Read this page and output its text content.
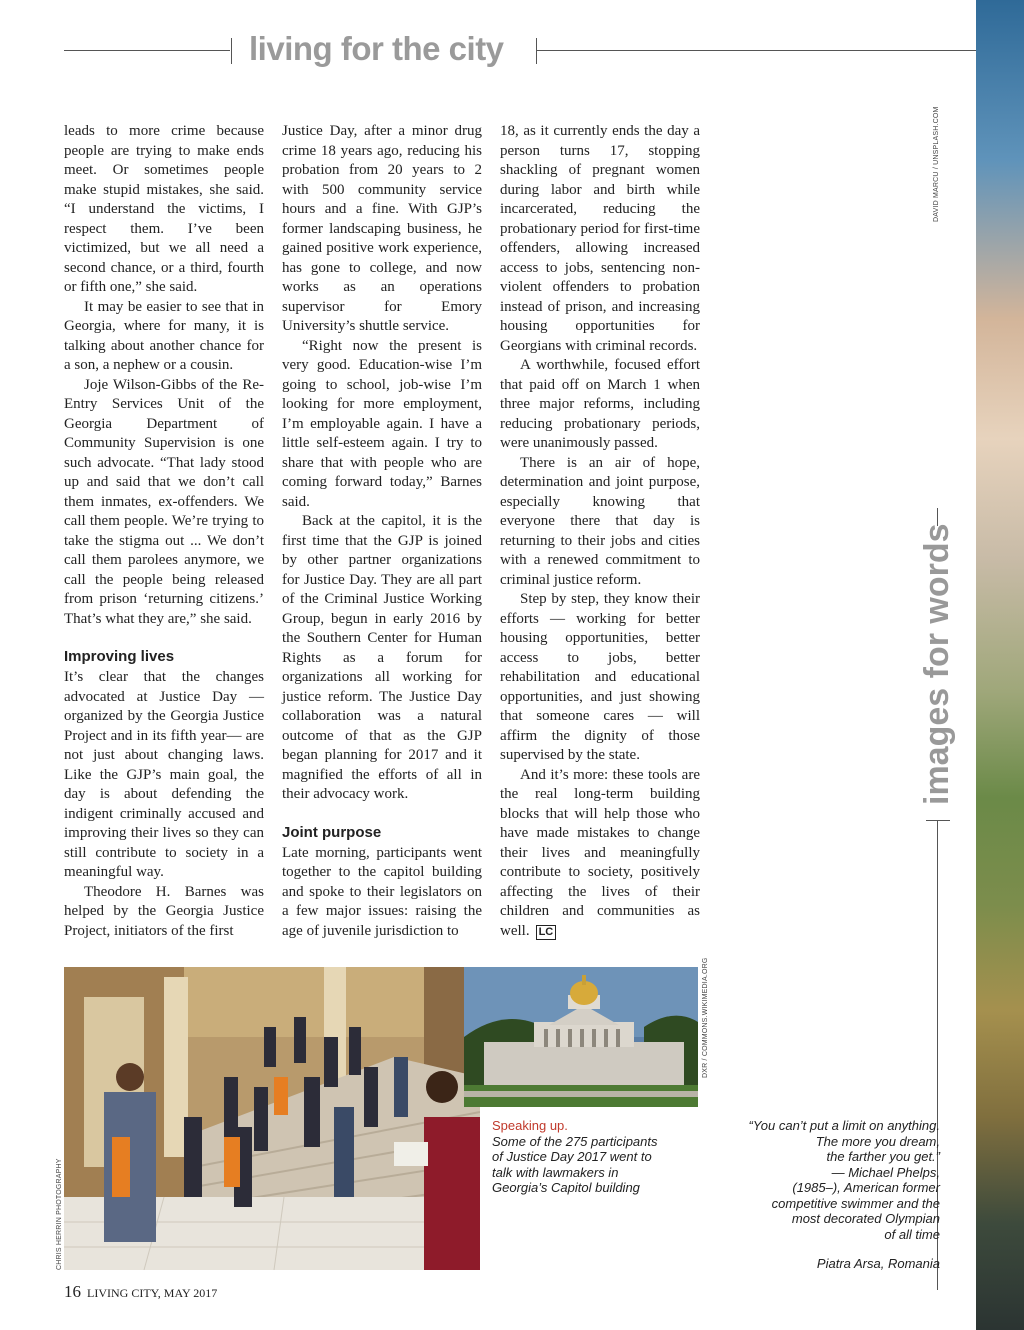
living for the city

leads to more crime because people are trying to make ends meet. Or sometimes people make stupid mistakes, she said. “I understand the victims, I respect them. I’ve been victimized, but we all need a second chance, or a third, fourth or fifth one,” she said.

It may be easier to see that in Georgia, where for many, it is talking about another chance for a son, a nephew or a cousin.

Joje Wilson-Gibbs of the Re-Entry Services Unit of the Georgia Department of Community Supervision is one such advocate. “That lady stood up and said that we don’t call them inmates, ex-offenders. We call them people. We’re trying to take the stigma out ... We don’t call them parolees anymore, we call the people being released from prison ‘returning citizens.’ That’s what they are,” she said.

Improving lives

It’s clear that the changes advocated at Justice Day — organized by the Georgia Justice Project and in its fifth year— are not just about changing laws. Like the GJP’s main goal, the day is about defending the indigent criminally accused and improving their lives so they can still contribute to society in a meaningful way.

Theodore H. Barnes was helped by the Georgia Justice Project, initiators of the first

Justice Day, after a minor drug crime 18 years ago, reducing his probation from 20 years to 2 with 500 community service hours and a fine. With GJP’s former landscaping business, he gained positive work experience, has gone to college, and now works as an operations supervisor for Emory University’s shuttle service.

“Right now the present is very good. Education-wise I’m going to school, job-wise I’m looking for more employment, I’m employable again. I have a little self-esteem again. I try to share that with people who are coming forward today,” Barnes said.

Back at the capitol, it is the first time that the GJP is joined by other partner organizations for Justice Day. They are all part of the Criminal Justice Working Group, begun in early 2016 by the Southern Center for Human Rights as a forum for organizations all working for justice reform. The Justice Day collaboration was a natural outcome of that as the GJP began planning for 2017 and it magnified the efforts of all in their advocacy work.

Joint purpose

Late morning, participants went together to the capitol building and spoke to their legislators on a few major issues: raising the age of juvenile jurisdiction to

18, as it currently ends the day a person turns 17, stopping shackling of pregnant women during labor and birth while incarcerated, reducing the probationary period for first-time offenders, allowing increased access to jobs, sentencing non-violent offenders to probation instead of prison, and increasing housing opportunities for Georgians with criminal records.

A worthwhile, focused effort that paid off on March 1 when three major reforms, including reducing probationary periods, were unanimously passed.

There is an air of hope, determination and joint purpose, especially knowing that everyone there that day is returning to their jobs and cities with a renewed commitment to criminal justice reform.

Step by step, they know their efforts — working for better housing opportunities, better access to jobs, better rehabilitation and educational opportunities, and just showing that someone cares — will affirm the dignity of those supervised by the state.

And it’s more: these tools are the real long-term building blocks that will help those who have made mistakes to change their lives and meaningfully contribute to society, positively affecting the lives of their children and communities as well. LC

DAVID MARCU / UNSPLASH.COM
images for words
CHRIS HERRIN PHOTOGRAPHY
DXR / COMMONS.WIKIMEDIA.ORG
Speaking up.
Some of the 275 participants of Justice Day 2017 went to talk with lawmakers in Georgia’s Capitol building

“You can’t put a limit on anything.

The more you dream,

the farther you get.”

— Michael Phelps,

(1985–), American former

competitive swimmer and the

most decorated Olympian

of all time

Piatra Arsa, Romania
16 LIVING CITY, MAY 2017
